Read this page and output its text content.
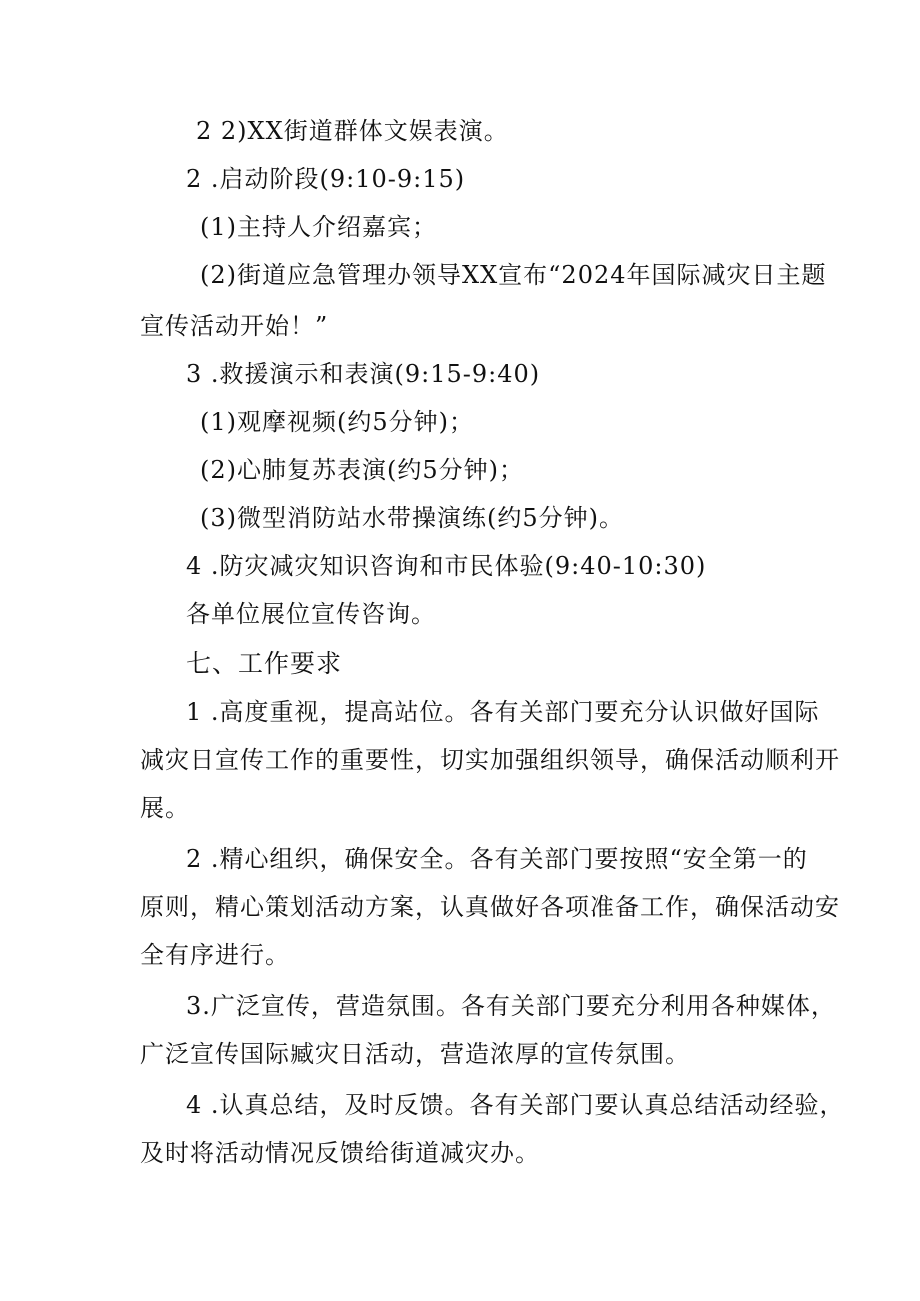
2 2)XX街道群体文娱表演。
2 .启动阶段(9:10-9:15)
(1)主持人介绍嘉宾；
(2)街道应急管理办领导XX宣布“2024年国际减灾日主题
宣传活动开始！”
3 .救援演示和表演(9:15-9:40)
(1)观摩视频(约5分钟)；
(2)心肺复苏表演(约5分钟)；
(3)微型消防站水带操演练(约5分钟)。
4 .防灾减灾知识咨询和市民体验(9:40-10:30)
各单位展位宣传咨询。
七、工作要求
1 .高度重视，提高站位。各有关部门要充分认识做好国际
减灾日宣传工作的重要性，切实加强组织领导，确保活动顺利开
展。
2 .精心组织，确保安全。各有关部门要按照“安全第一的
原则，精心策划活动方案，认真做好各项准备工作，确保活动安
全有序进行。
3.广泛宣传，营造氛围。各有关部门要充分利用各种媒体，
广泛宣传国际臧灾日活动，营造浓厚的宣传氛围。
4 .认真总结，及时反馈。各有关部门要认真总结活动经验，
及时将活动情况反馈给街道减灾办。
